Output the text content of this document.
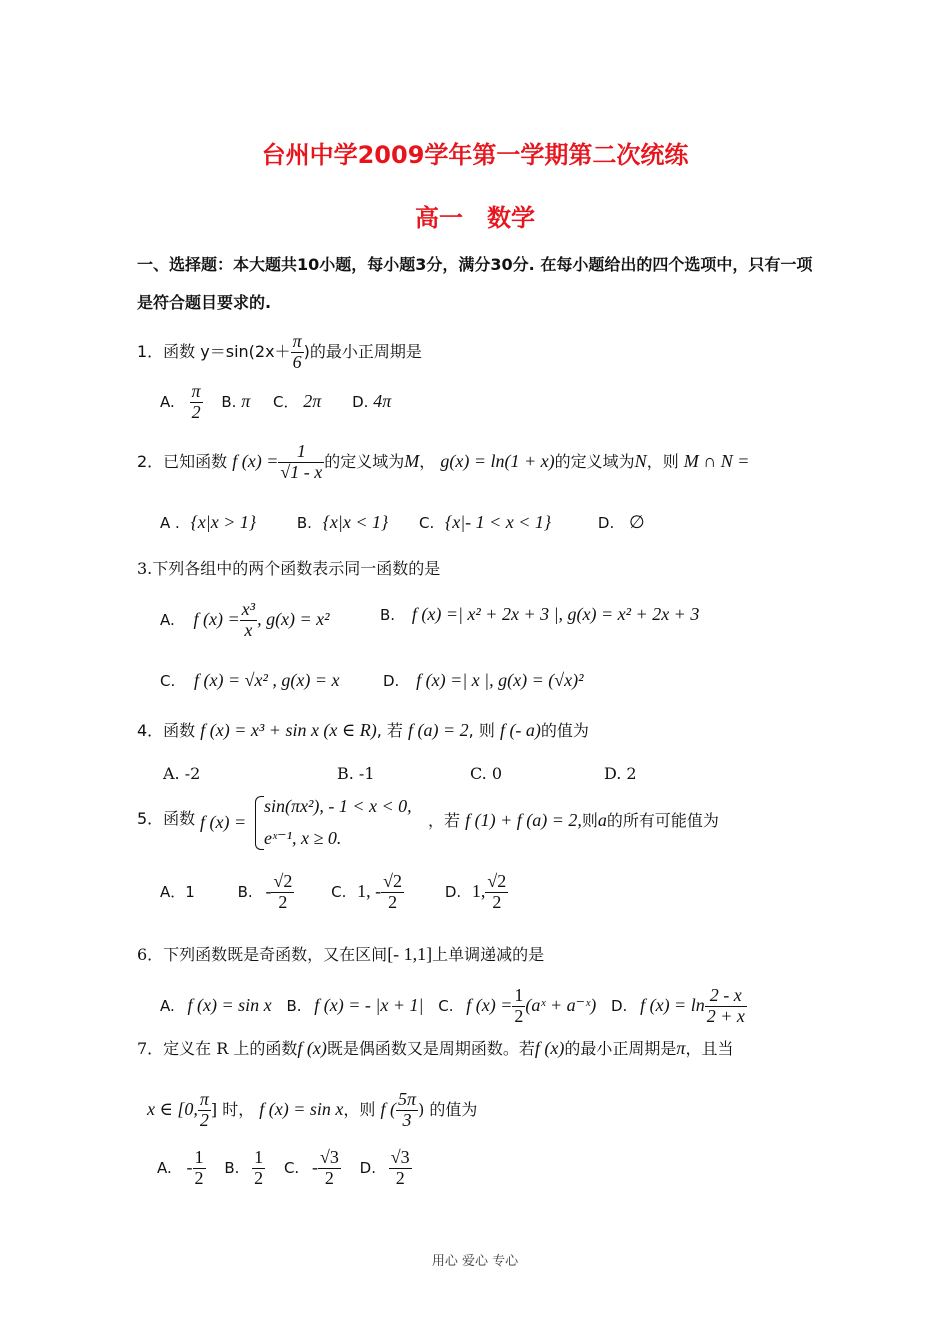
台州中学2009学年第一学期第二次统练
高一　数学
一、选择题：本大题共10小题，每小题3分，满分30分. 在每小题给出的四个选项中，只有一项
是符合题目要求的.
1．函数 $y=\sin(2x+ \frac{\pi}{6}$ )的最小正周期是
A. $\frac{\pi}{2} B$. π C． 2π D. 4π
2．已知函数 f $(x) = \frac{1}{√1 - x}$ 的定义域为M， g(x) = ln(1 + x)的定义域为N，则 M ∩ N =
A . {x|x > 1}	B. {x|x < 1} C. {x|- 1 < x < 1}	D. ∅
3.下列各组中的两个函数表示同一函数的是
A. f $(x) = \frac{\text{x³}}{x}$ , g(x) = x²	B. f (x) =| x² + 2x + 3 |, g(x) = x² + 2x + 3
C. f (x) = √x² , g(x) = x	D. f (x) =| x |, g(x) = (√x)²
4．函数 f (x) = x³ + sin x (x ∈ R), 若 f (a) = 2, 则 f (- a)的值为
A. -2	B. -1	C. 0	D. 2
5．函数 f (x) =
sin(πx²), - 1 < x < 0,
eˣ⁻¹, x ≥ 0.
，若 f (1) + f (a) = 2,则a的所有可能值为
A．1	B. - $\frac{√2}{2} C$. 1, - $\frac{√2}{2}$	D. 1, $\frac{√2}{2}$
6．下列函数既是奇函数，又在区间[- 1,1]上单调递减的是
A. f (x) = sin x B. f (x) = - |x + 1| C. f $(x) = \frac{1}{2}$ (aˣ + a⁻ˣ) D. f $(x) = \ln \frac{2 - x}{2 + x}$
7．定义在 R 上的函数f (x)既是偶函数又是周期函数。若f (x)的最小正周期是π，且当
x ∈ [0, $\frac{\pi}{2}$ ] 时， f (x) = sin x，则 f ( $\frac{5\pi}{3}$ ) 的值为
A. - $\frac{1}{2} B$. $\frac{1}{2} C$. - $\frac{√3}{2} D$. $\frac{√3}{2}$
用心 爱心 专心
